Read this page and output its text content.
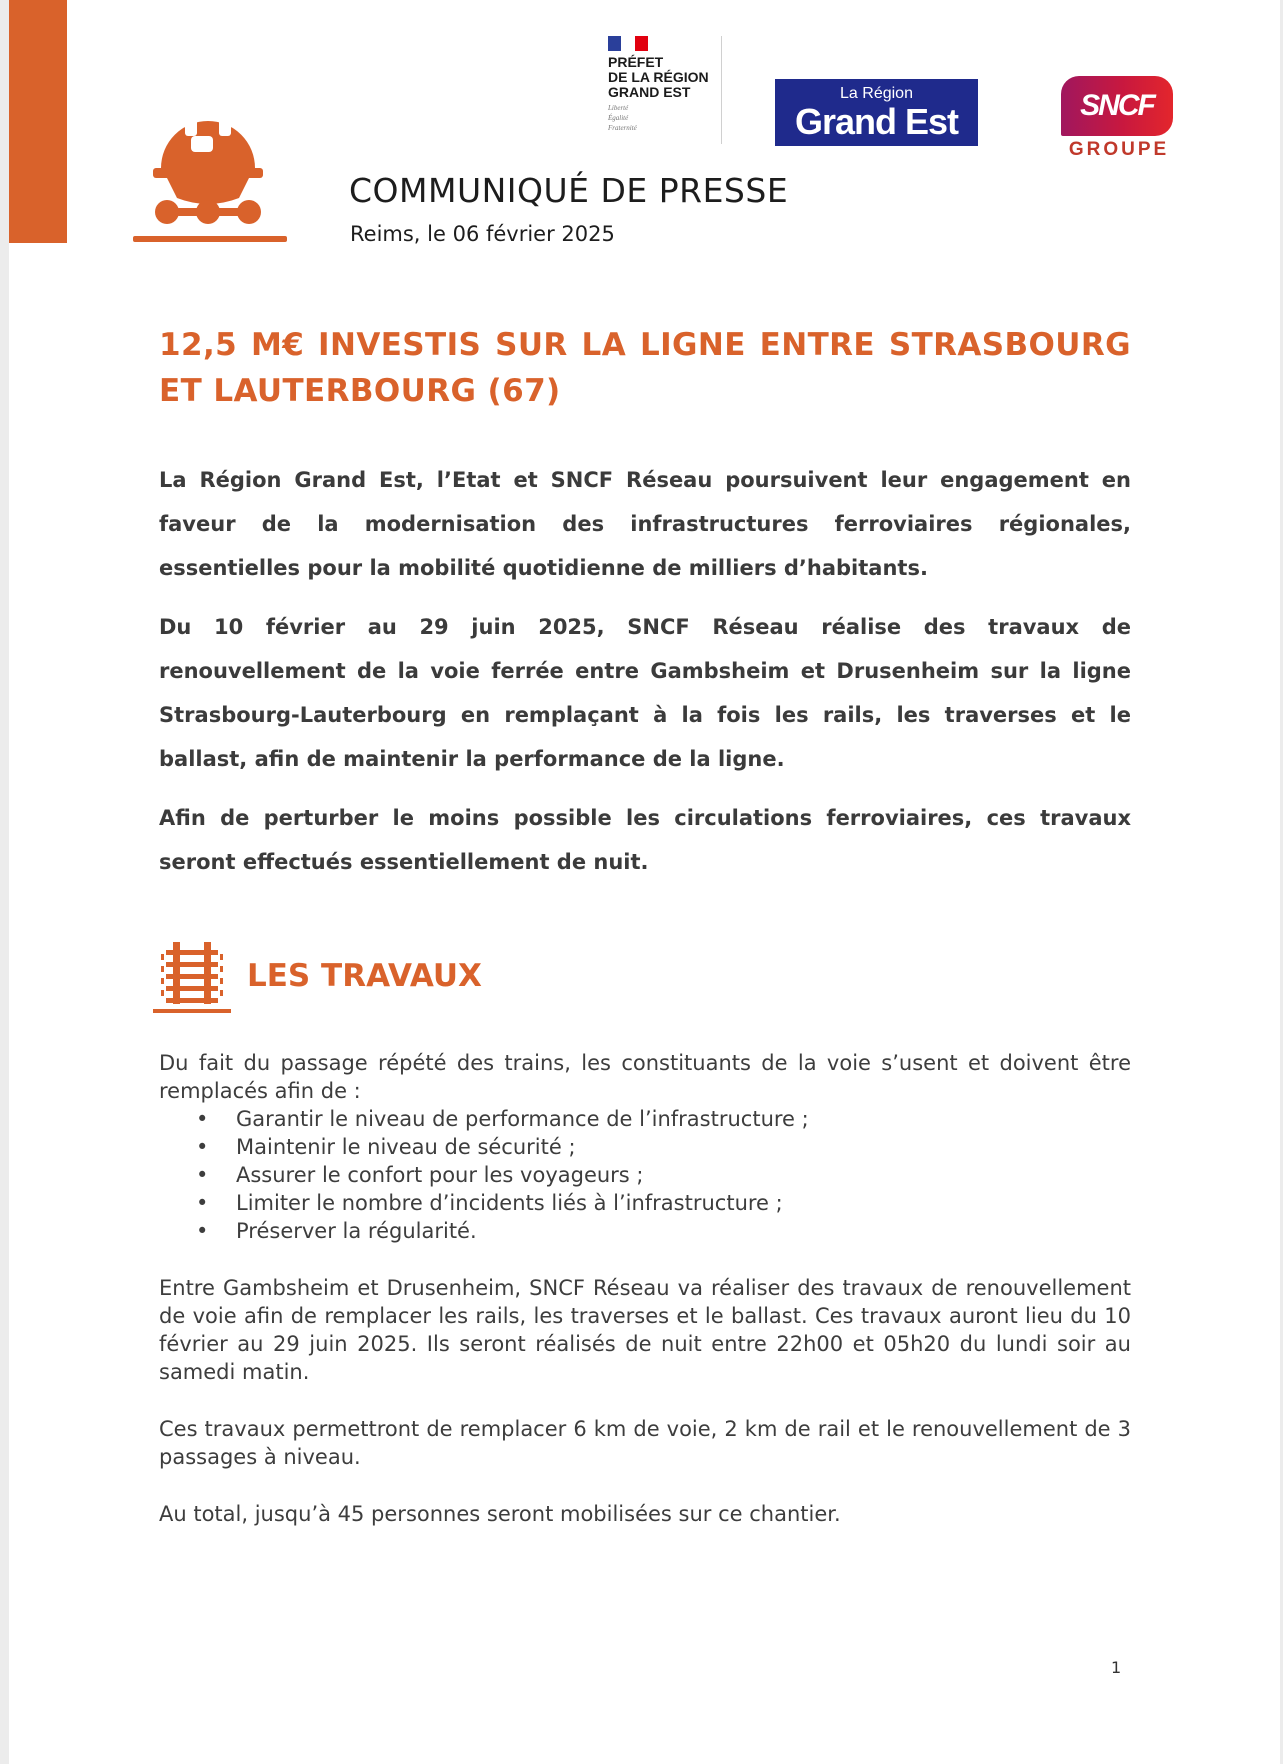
PRÉFET
DE LA RÉGION
GRAND EST
Liberté
Égalité
Fraternité
La Région
Grand Est	SNCF
GROUPE
COMMUNIQUÉ DE PRESSE
Reims, le 06 février 2025
12,5 M€ INVESTIS SUR LA LIGNE ENTRE STRASBOURG ET LAUTERBOURG (67)

La Région Grand Est, l’Etat et SNCF Réseau poursuivent leur engagement en faveur de la modernisation des infrastructures ferroviaires régionales, essentielles pour la mobilité quotidienne de milliers d’habitants.

Du 10 février au 29 juin 2025, SNCF Réseau réalise des travaux de renouvellement de la voie ferrée entre Gambsheim et Drusenheim sur la ligne Strasbourg-Lauterbourg en remplaçant à la fois les rails, les traverses et le ballast, afin de maintenir la performance de la ligne.

Afin de perturber le moins possible les circulations ferroviaires, ces travaux seront effectués essentiellement de nuit.

LES TRAVAUX

Du fait du passage répété des trains, les constituants de la voie s’usent et doivent être remplacés afin de :

• Garantir le niveau de performance de l’infrastructure ;
• Maintenir le niveau de sécurité ;
• Assurer le confort pour les voyageurs ;
• Limiter le nombre d’incidents liés à l’infrastructure ;
• Préserver la régularité.

Entre Gambsheim et Drusenheim, SNCF Réseau va réaliser des travaux de renouvellement de voie afin de remplacer les rails, les traverses et le ballast. Ces travaux auront lieu du 10 février au 29 juin 2025. Ils seront réalisés de nuit entre 22h00 et 05h20 du lundi soir au samedi matin.

Ces travaux permettront de remplacer 6 km de voie, 2 km de rail et le renouvellement de 3 passages à niveau.

Au total, jusqu’à 45 personnes seront mobilisées sur ce chantier.

1
